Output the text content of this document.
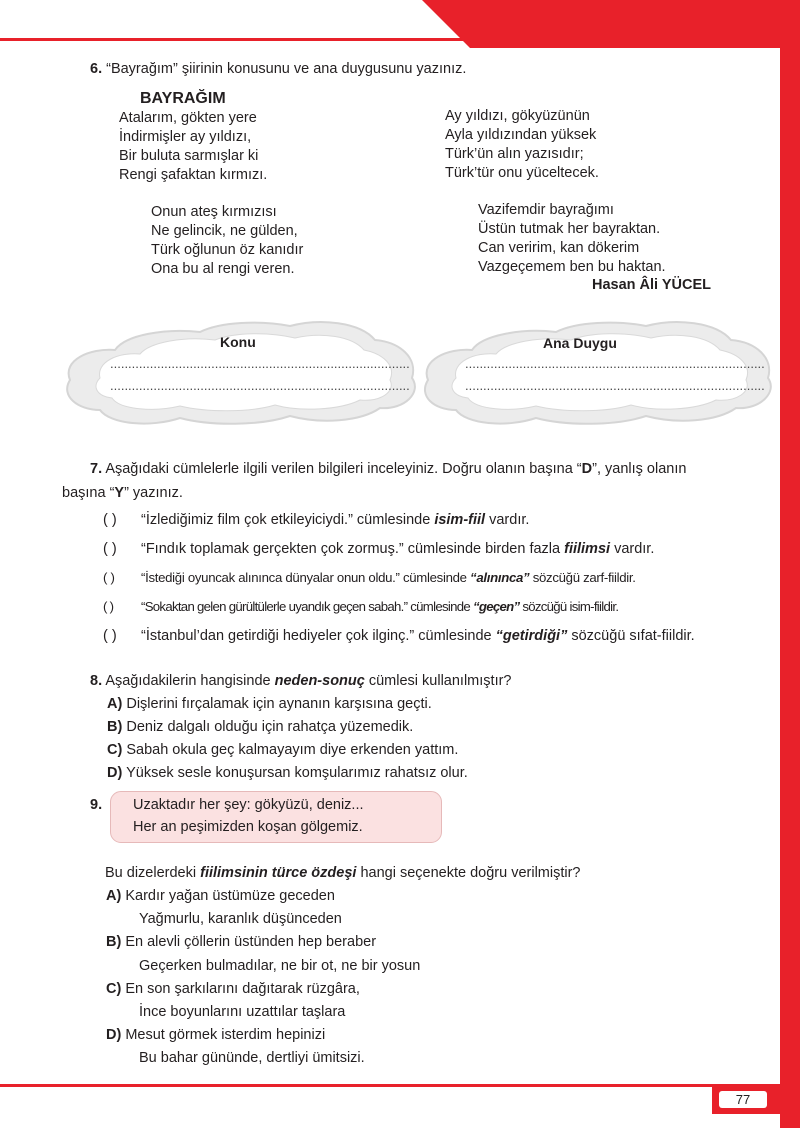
6. “Bayrağım” şiirinin konusunu ve ana duygusunu yazınız.
BAYRAĞIM
Atalarım, gökten yere
İndirmişler ay yıldızı,
Bir buluta sarmışlar ki
Rengi şafaktan kırmızı.
Ay yıldızı, gökyüzünün
Ayla yıldızından yüksek
Türk’ün alın yazısıdır;
Türk’tür onu yüceltecek.
Onun ateş kırmızısı
Ne gelincik, ne gülden,
Türk oğlunun öz kanıdır
Ona bu al rengi veren.
Vazifemdir bayrağımı
Üstün tutmak her bayraktan.
Can veririm, kan dökerim
Vazgeçemem ben bu haktan.
Hasan Âli YÜCEL
Konu
...................................................................................
...................................................................................
Ana Duygu
...................................................................................
...................................................................................
7. Aşağıdaki cümlelerle ilgili verilen bilgileri inceleyiniz. Doğru olanın başına “D”, yanlış olanın
başına “Y” yazınız.
( ) “İzlediğimiz film çok etkileyiciydi.” cümlesinde isim-fiil vardır.
( ) “Fındık toplamak gerçekten çok zormuş.” cümlesinde birden fazla fiilimsi vardır.
( ) “İstediği oyuncak alınınca dünyalar onun oldu.” cümlesinde “alınınca” sözcüğü zarf-fiildir.
( ) “Sokaktan gelen gürültülerle uyandık geçen sabah.” cümlesinde “geçen” sözcüğü isim-fiildir.
( ) “İstanbul’dan getirdiği hediyeler çok ilginç.” cümlesinde “getirdiği” sözcüğü sıfat-fiildir.
8. Aşağıdakilerin hangisinde neden-sonuç cümlesi kullanılmıştır?
A) Dişlerini fırçalamak için aynanın karşısına geçti.
B) Deniz dalgalı olduğu için rahatça yüzemedik.
C) Sabah okula geç kalmayayım diye erkenden yattım.
D) Yüksek sesle konuşursan komşularımız rahatsız olur.
9. Uzaktadır her şey: gökyüzü, deniz...
Her an peşimizden koşan gölgemiz.
Bu dizelerdeki fiilimsinin türce özdeşi hangi seçenekte doğru verilmiştir?
A) Kardır yağan üstümüze geceden
Yağmurlu, karanlık düşünceden
B) En alevli çöllerin üstünden hep beraber
Geçerken bulmadılar, ne bir ot, ne bir yosun
C) En son şarkılarını dağıtarak rüzgâra,
İnce boyunlarını uzattılar taşlara
D) Mesut görmek isterdim hepinizi
Bu bahar gününde, dertliyi ümitsizi.
77
